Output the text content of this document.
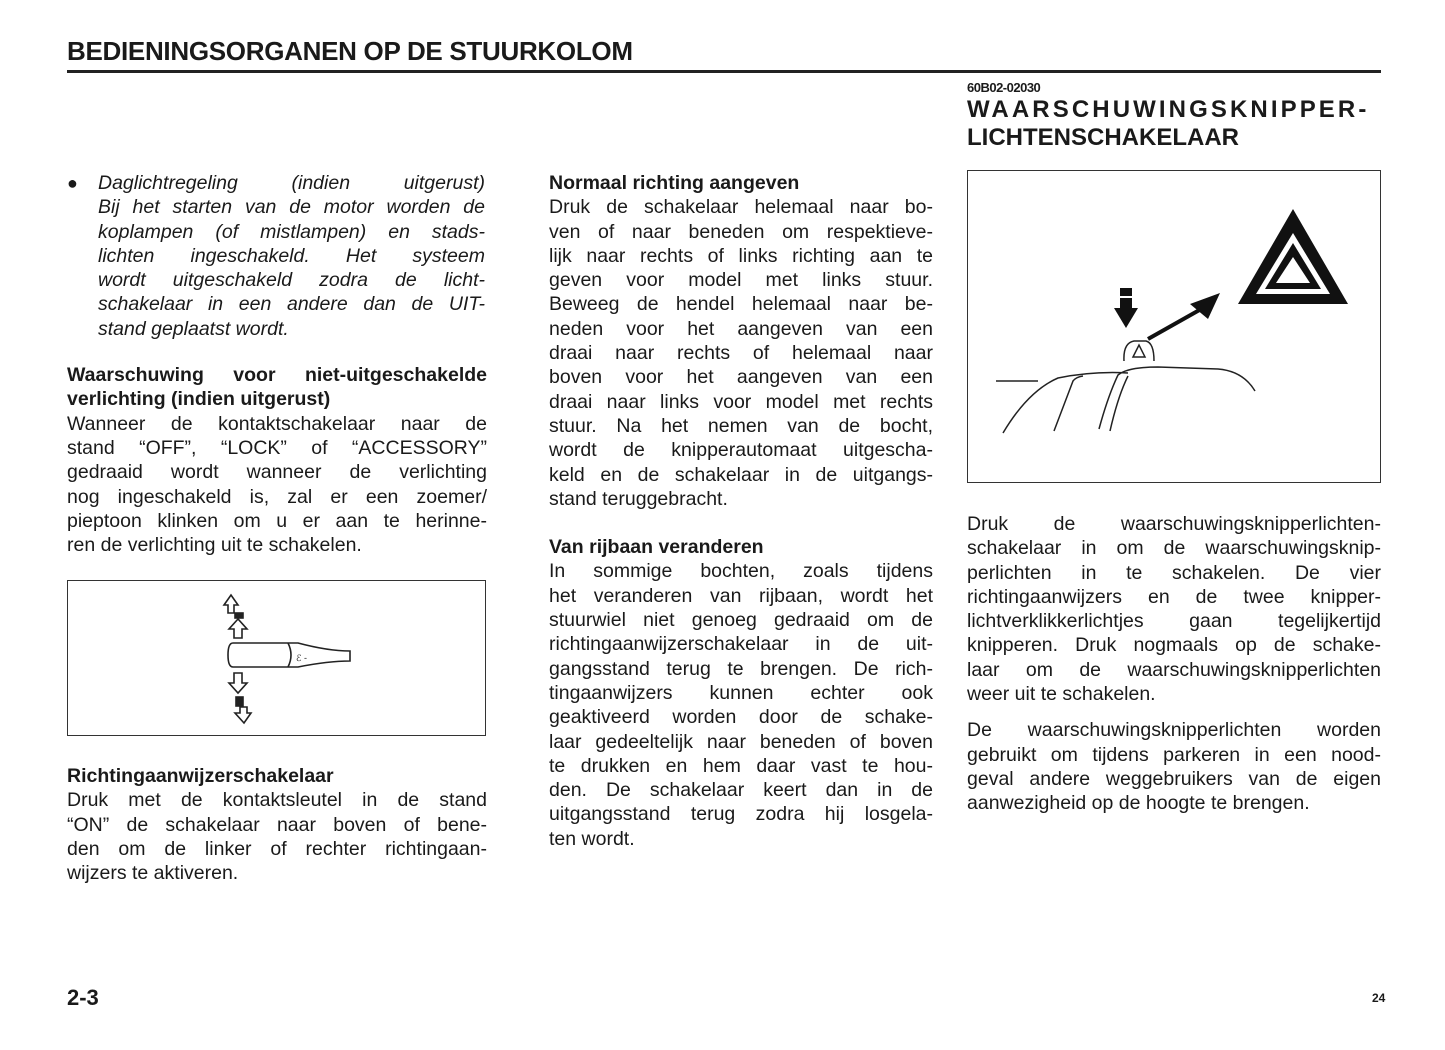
BEDIENINGSORGANEN OP DE STUURKOLOM
● Daglichtregeling (indien uitgerust)
Bij het starten van de motor worden de
koplampen (of mistlampen) en stads-
lichten ingeschakeld. Het systeem
wordt uitgeschakeld zodra de licht-
schakelaar in een andere dan de UIT-
stand geplaatst wordt.
Waarschuwing voor niet-uitgeschakelde
verlichting (indien uitgerust)
Wanneer de kontaktschakelaar naar de
stand “OFF”, “LOCK” of “ACCESSORY”
gedraaid wordt wanneer de verlichting
nog ingeschakeld is, zal er een zoemer/
pieptoon klinken om u er aan te herinne-
ren de verlichting uit te schakelen.
ℰ -
Richtingaanwijzerschakelaar
Druk met de kontaktsleutel in de stand
“ON” de schakelaar naar boven of bene-
den om de linker of rechter richtingaan-
wijzers te aktiveren.
Normaal richting aangeven
Druk de schakelaar helemaal naar bo-
ven of naar beneden om respektieve-
lijk naar rechts of links richting aan te
geven voor model met links stuur.
Beweeg de hendel helemaal naar be-
neden voor het aangeven van een
draai naar rechts of helemaal naar
boven voor het aangeven van een
draai naar links voor model met rechts
stuur. Na het nemen van de bocht,
wordt de knipperautomaat uitgescha-
keld en de schakelaar in de uitgangs-
stand teruggebracht.
Van rijbaan veranderen
In sommige bochten, zoals tijdens
het veranderen van rijbaan, wordt het
stuurwiel niet genoeg gedraaid om de
richtingaanwijzerschakelaar in de uit-
gangsstand terug te brengen. De rich-
tingaanwijzers kunnen echter ook
geaktiveerd worden door de schake-
laar gedeeltelijk naar beneden of boven
te drukken en hem daar vast te hou-
den. De schakelaar keert dan in de
uitgangsstand terug zodra hij losgela-
ten wordt.
60B02-02030
WAARSCHUWINGSKNIPPER-
LICHTENSCHAKELAAR
Druk de waarschuwingsknipperlichten-
schakelaar in om de waarschuwingsknip-
perlichten in te schakelen. De vier
richtingaanwijzers en de twee knipper-
lichtverklikkerlichtjes gaan tegelijkertijd
knipperen. Druk nogmaals op de schake-
laar om de waarschuwingsknipperlichten
weer uit te schakelen.
De waarschuwingsknipperlichten worden
gebruikt om tijdens parkeren in een nood-
geval andere weggebruikers van de eigen
aanwezigheid op de hoogte te brengen.
2-3	24
